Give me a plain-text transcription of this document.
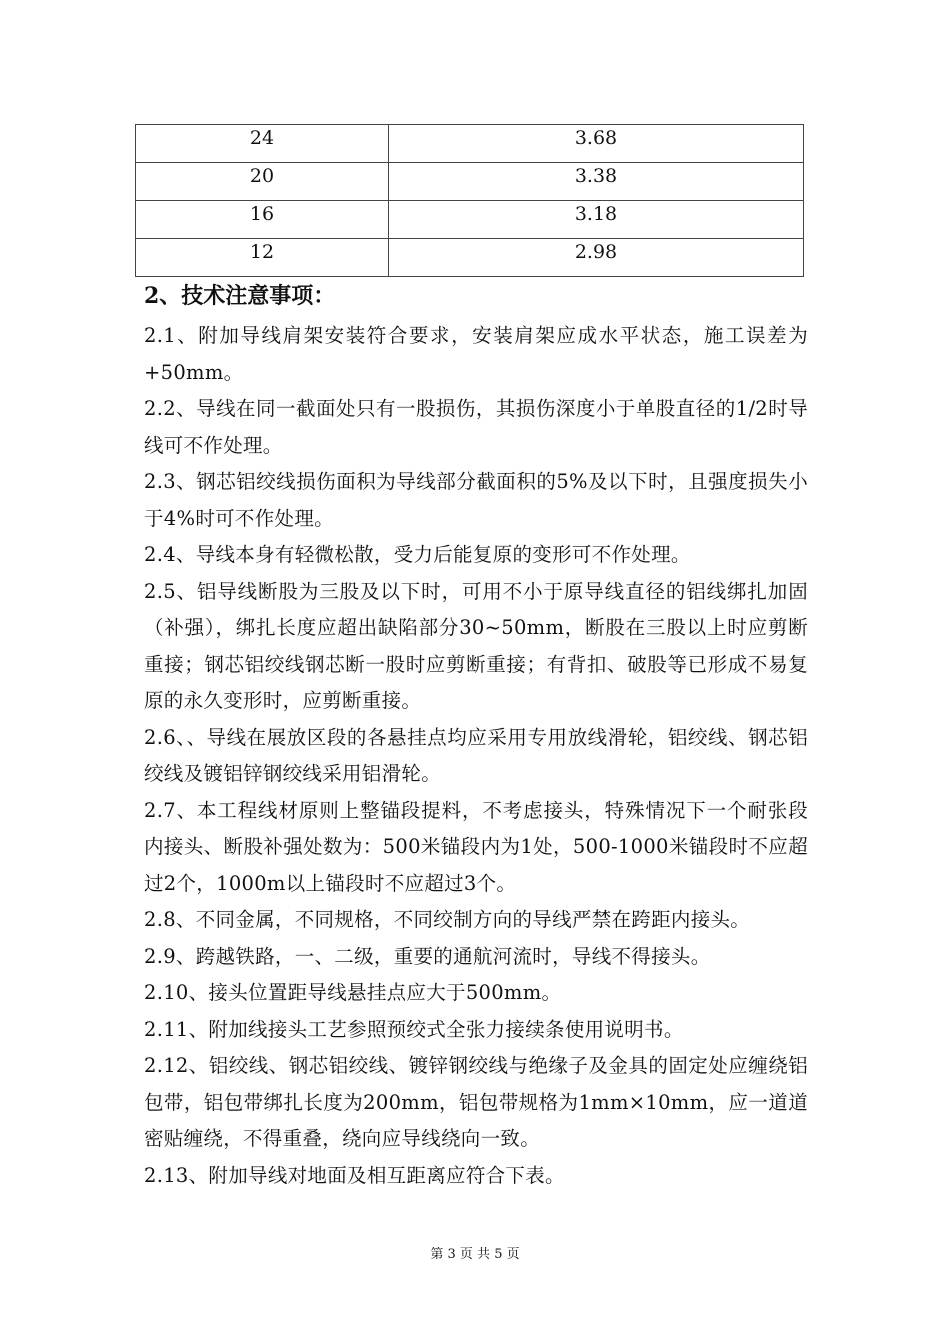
24	3.68
20	3.38
16	3.18
12	2.98
2、技术注意事项：

2.1、附加导线肩架安装符合要求，安装肩架应成水平状态，施工误差为+50mm。

2.2、导线在同一截面处只有一股损伤，其损伤深度小于单股直径的1/2时导线可不作处理。

2.3、钢芯铝绞线损伤面积为导线部分截面积的5%及以下时，且强度损失小于4%时可不作处理。

2.4、导线本身有轻微松散，受力后能复原的变形可不作处理。

2.5、铝导线断股为三股及以下时，可用不小于原导线直径的铝线绑扎加固（补强），绑扎长度应超出缺陷部分30~50mm，断股在三股以上时应剪断重接；钢芯铝绞线钢芯断一股时应剪断重接；有背扣、破股等已形成不易复原的永久变形时，应剪断重接。

2.6、、导线在展放区段的各悬挂点均应采用专用放线滑轮，铝绞线、钢芯铝绞线及镀铝锌钢绞线采用铝滑轮。

2.7、本工程线材原则上整锚段提料，不考虑接头，特殊情况下一个耐张段内接头、断股补强处数为：500米锚段内为1处，500-1000米锚段时不应超过2个，1000m以上锚段时不应超过3个。

2.8、不同金属，不同规格，不同绞制方向的导线严禁在跨距内接头。

2.9、跨越铁路，一、二级，重要的通航河流时，导线不得接头。

2.10、接头位置距导线悬挂点应大于500mm。

2.11、附加线接头工艺参照预绞式全张力接续条使用说明书。

2.12、铝绞线、钢芯铝绞线、镀锌钢绞线与绝缘子及金具的固定处应缠绕铝包带，铝包带绑扎长度为200mm，铝包带规格为1mm×10mm，应一道道密贴缠绕，不得重叠，绕向应导线绕向一致。

2.13、附加导线对地面及相互距离应符合下表。

第 3 页 共 5 页
